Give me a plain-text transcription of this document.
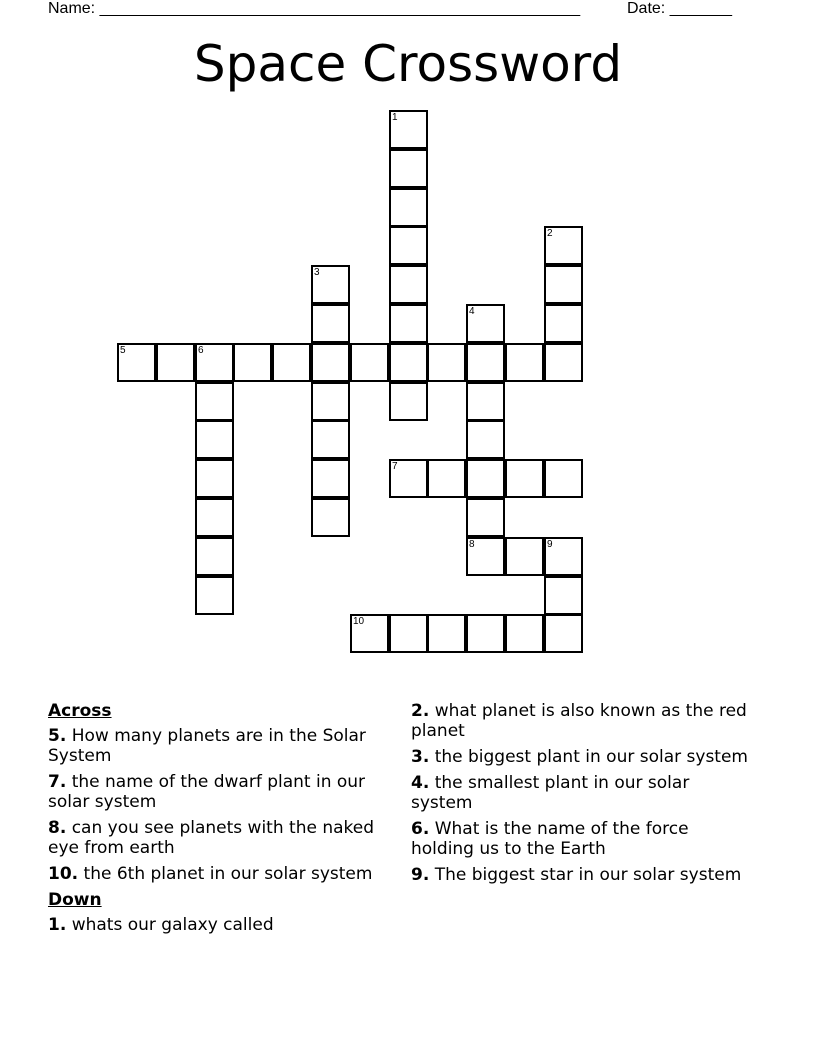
Name: ______________________________________________________	Date: _______
Space Crossword
1
2
3
4
8
5	6
7
9
10
Across
5. How many planets are in the Solar System
7. the name of the dwarf plant in our solar system
8. can you see planets with the naked eye from earth
10. the 6th planet in our solar system
Down
1. whats our galaxy called
2. what planet is also known as the red planet
3. the biggest plant in our solar system
4. the smallest plant in our solar system
6. What is the name of the force holding us to the Earth
9. The biggest star in our solar system
